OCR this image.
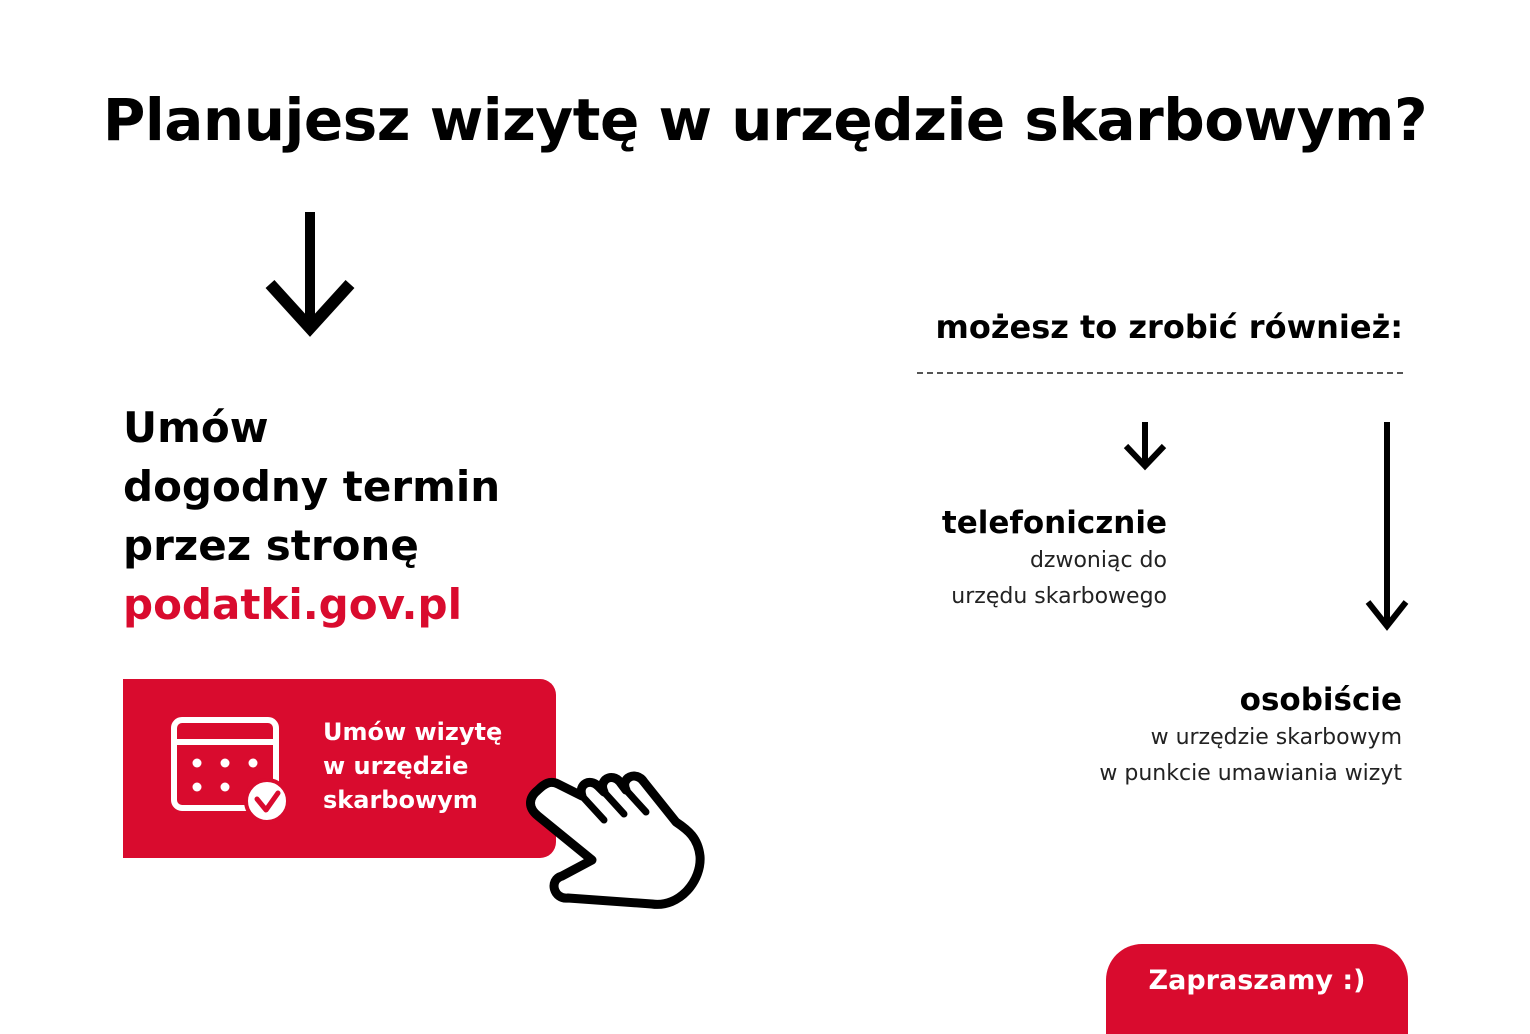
Planujesz wizytę w urzędzie skarbowym?
Umów
dogodny termin
przez stronę
podatki.gov.pl
Umów wizytę
w urzędzie
skarbowym
możesz to zrobić również:
telefonicznie
dzwoniąc do
urzędu skarbowego
osobiście
w urzędzie skarbowym
w punkcie umawiania wizyt
Zapraszamy :)
